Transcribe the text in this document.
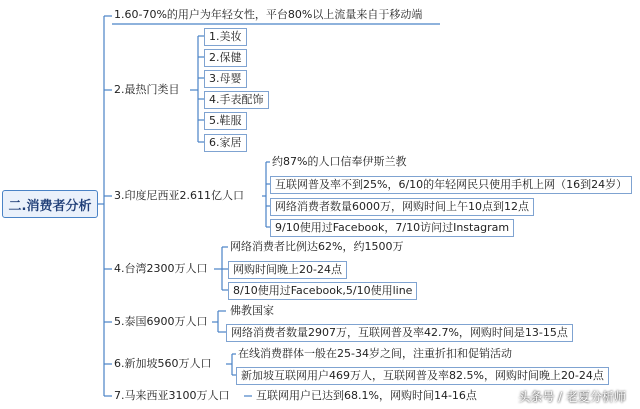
二.消费者分析
1.60-70%的用户为年轻女性，平台80%以上流量来自于移动端
2.最热门类目
1.美妆
2.保健
3.母婴
4.手表配饰
5.鞋服
6.家居
3.印度尼西亚2.611亿人口
约87%的人口信奉伊斯兰教
互联网普及率不到25%，6/10的年轻网民只使用手机上网（16到24岁）
网络消费者数量6000万，网购时间上午10点到12点
9/10使用过Facebook，7/10访问过Instagram
4.台湾2300万人口
网络消费者比例达62%，约1500万
网购时间晚上20-24点
8/10使用过Facebook,5/10使用line
5.泰国6900万人口
佛教国家
网络消费者数量2907万，互联网普及率42.7%，网购时间是13-15点
6.新加坡560万人口
在线消费群体一般在25-34岁之间，注重折扣和促销活动
新加坡互联网用户469万人，互联网普及率82.5%，网购时间晚上20-24点
7.马来西亚3100万人口 互联网用户已达到68.1%，网购时间14-16点	头条号 / 老夏分析师
